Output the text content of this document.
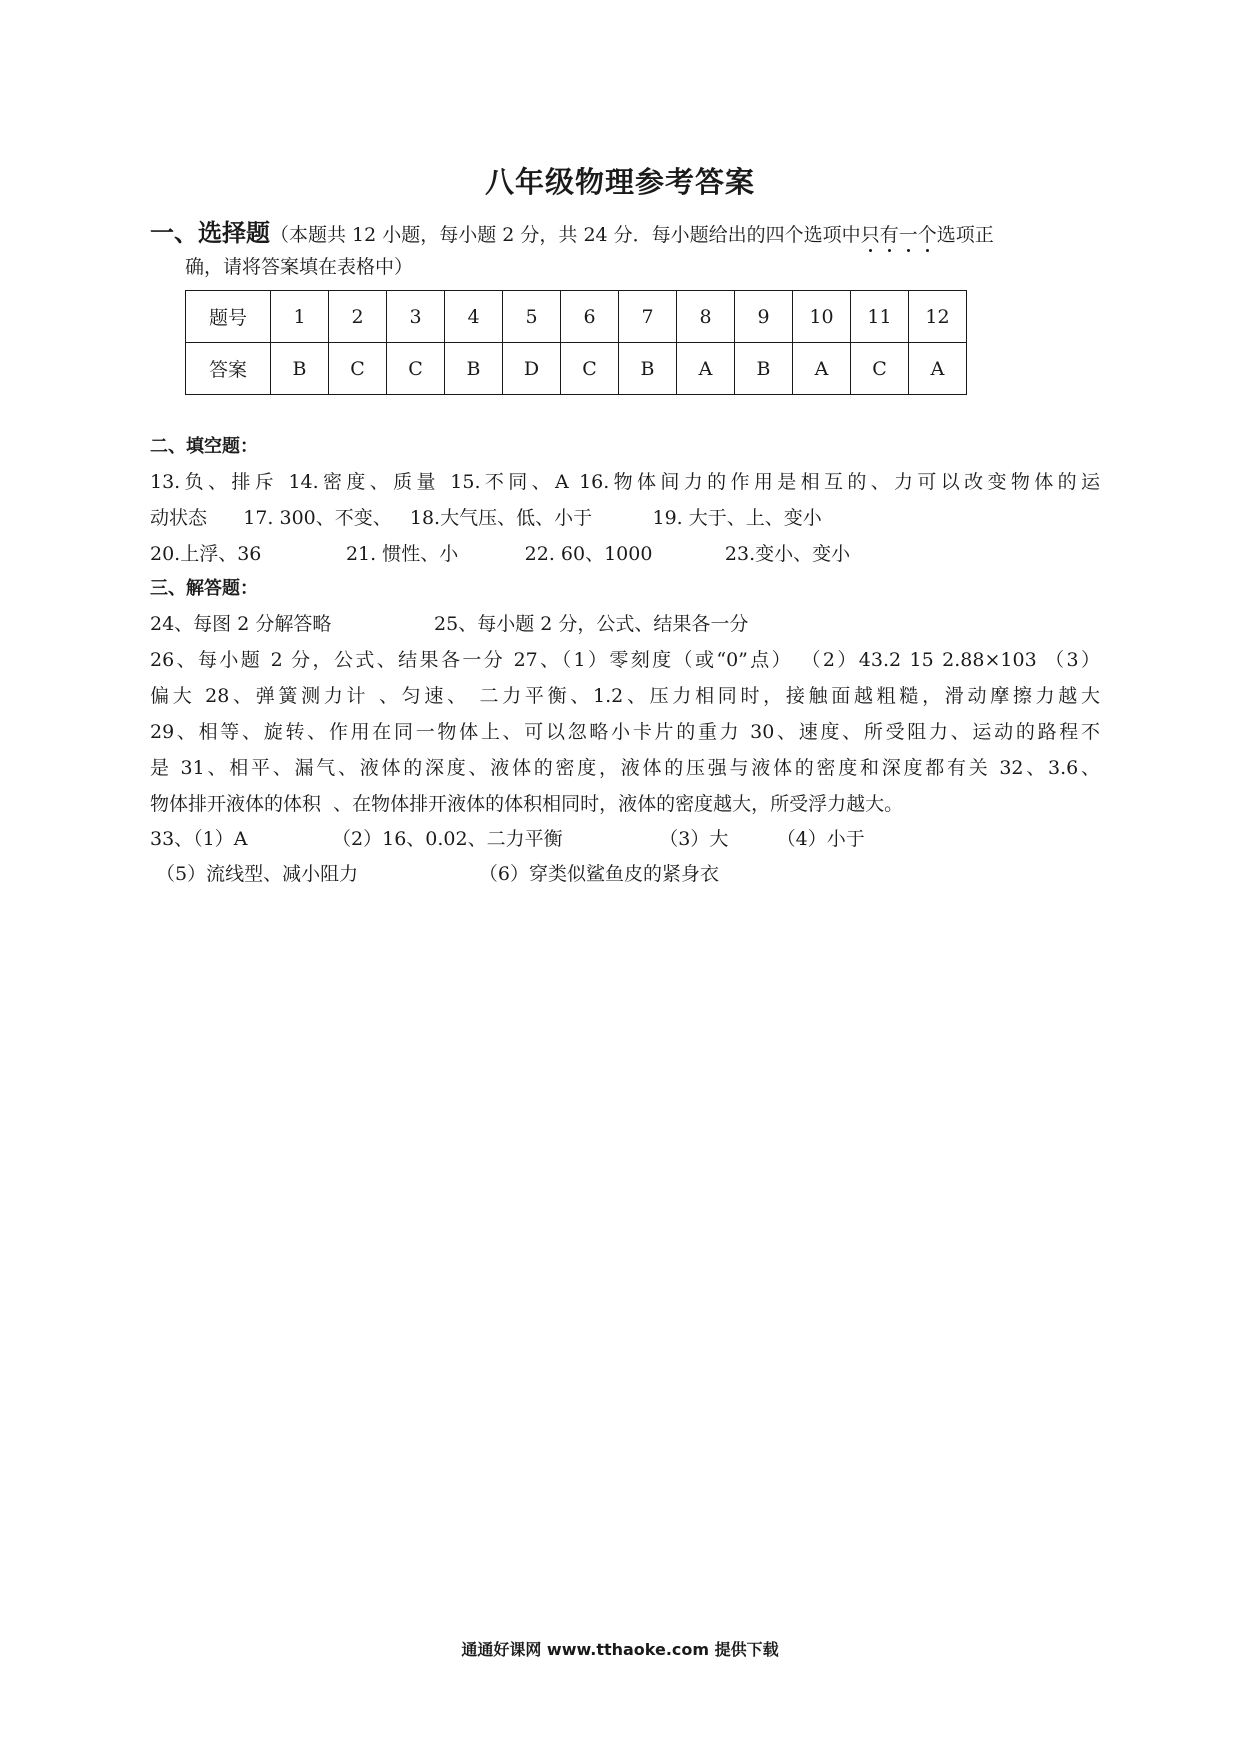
八年级物理参考答案
一、选择题（本题共 12 小题，每小题 2 分，共 24 分．每小题给出的四个选项中只有一个选项正
确，请将答案填在表格中）
题号	1	2	3	4	5	6	7	8	9	10	11	12
答案	B	C	C	B	D	C	B	A	B	A	C	A
二、填空题：
13.负、排斥 14.密度、质量 15.不同、A 16.物体间力的作用是相互的、力可以改变物体的运
动状态      17. 300、不变、   18.大气压、低、小于          19. 大于、上、变小
20.上浮、36              21. 惯性、小           22. 60、1000            23.变小、变小
三、解答题：
24、每图 2 分解答略                 25、每小题 2 分，公式、结果各一分
26、每小题 2 分，公式、结果各一分 27、（1）零刻度（或“0”点） （2）43.2 15 2.88×103 （3）
偏大 28、弹簧测力计 、匀速、 二力平衡、1.2、压力相同时，接触面越粗糙，滑动摩擦力越大
29、相等、旋转、作用在同一物体上、可以忽略小卡片的重力 30、速度、所受阻力、运动的路程不
是 31、相平、漏气、液体的深度、液体的密度，液体的压强与液体的密度和深度都有关 32、3.6、
物体排开液体的体积  、在物体排开液体的体积相同时，液体的密度越大，所受浮力越大。
33、（1）A              （2）16、0.02、二力平衡                （3）大        （4）小于
（5）流线型、减小阻力                    （6）穿类似鲨鱼皮的紧身衣
通通好课网 www.tthaoke.com 提供下载
